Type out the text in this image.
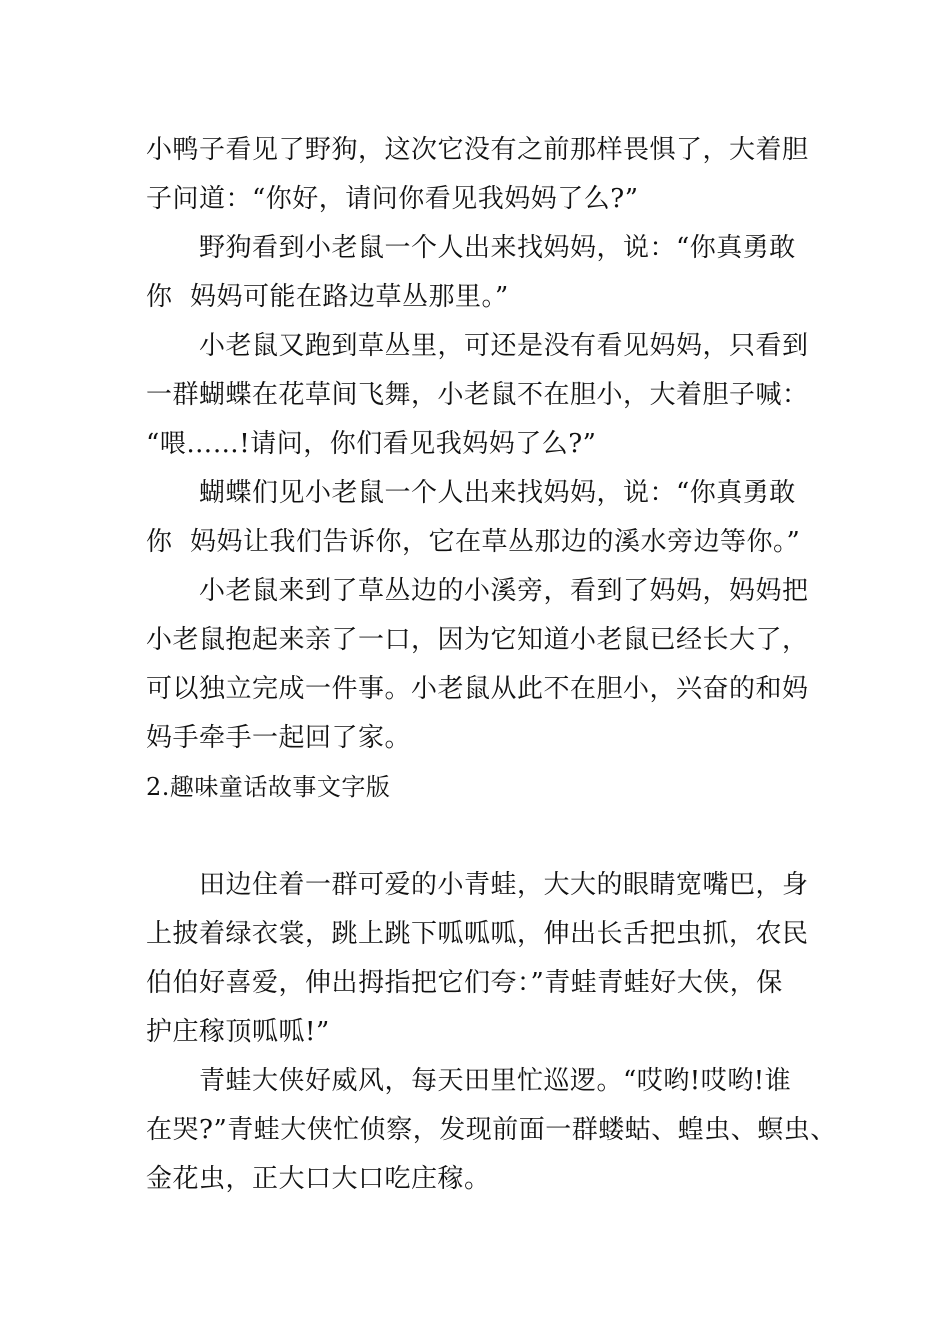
小鸭子看见了野狗，这次它没有之前那样畏惧了，大着胆
子问道：“你好，请问你看见我妈妈了么?”
野狗看到小老鼠一个人出来找妈妈，说：“你真勇敢
你  妈妈可能在路边草丛那里。”
小老鼠又跑到草丛里，可还是没有看见妈妈，只看到
一群蝴蝶在花草间飞舞，小老鼠不在胆小，大着胆子喊：
“喂……!请问，你们看见我妈妈了么?”
蝴蝶们见小老鼠一个人出来找妈妈，说：“你真勇敢
你  妈妈让我们告诉你，它在草丛那边的溪水旁边等你。”
小老鼠来到了草丛边的小溪旁，看到了妈妈，妈妈把
小老鼠抱起来亲了一口，因为它知道小老鼠已经长大了，
可以独立完成一件事。小老鼠从此不在胆小，兴奋的和妈
妈手牵手一起回了家。
2.趣味童话故事文字版
田边住着一群可爱的小青蛙，大大的眼睛宽嘴巴，身
上披着绿衣裳，跳上跳下呱呱呱，伸出长舌把虫抓，农民
伯伯好喜爱，伸出拇指把它们夸：”青蛙青蛙好大侠，保
护庄稼顶呱呱!”
青蛙大侠好威风，每天田里忙巡逻。“哎哟!哎哟!谁
在哭?”青蛙大侠忙侦察，发现前面一群蝼蛄、蝗虫、螟虫、
金花虫，正大口大口吃庄稼。
